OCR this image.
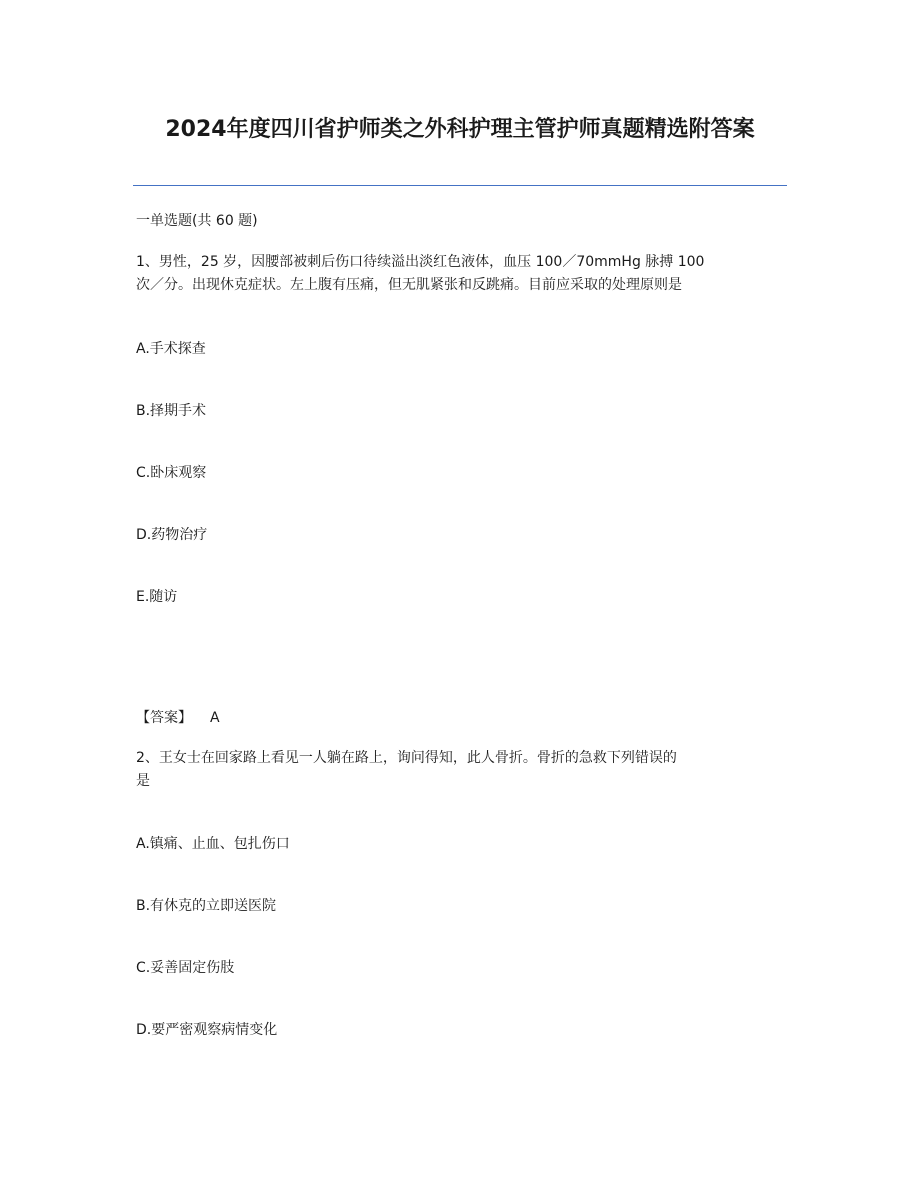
2024年度四川省护师类之外科护理主管护师真题精选附答案
一单选题(共 60 题)
1、男性，25 岁，因腰部被刺后伤口待续溢出淡红色液体，血压 100／70mmHg 脉搏 100
次／分。出现休克症状。左上腹有压痛，但无肌紧张和反跳痛。目前应采取的处理原则是
A.手术探查
B.择期手术
C.卧床观察
D.药物治疗
E.随访
【答案】 A
2、王女士在回家路上看见一人躺在路上，询问得知，此人骨折。骨折的急救下列错误的
是
A.镇痛、止血、包扎伤口
B.有休克的立即送医院
C.妥善固定伤肢
D.要严密观察病情变化
